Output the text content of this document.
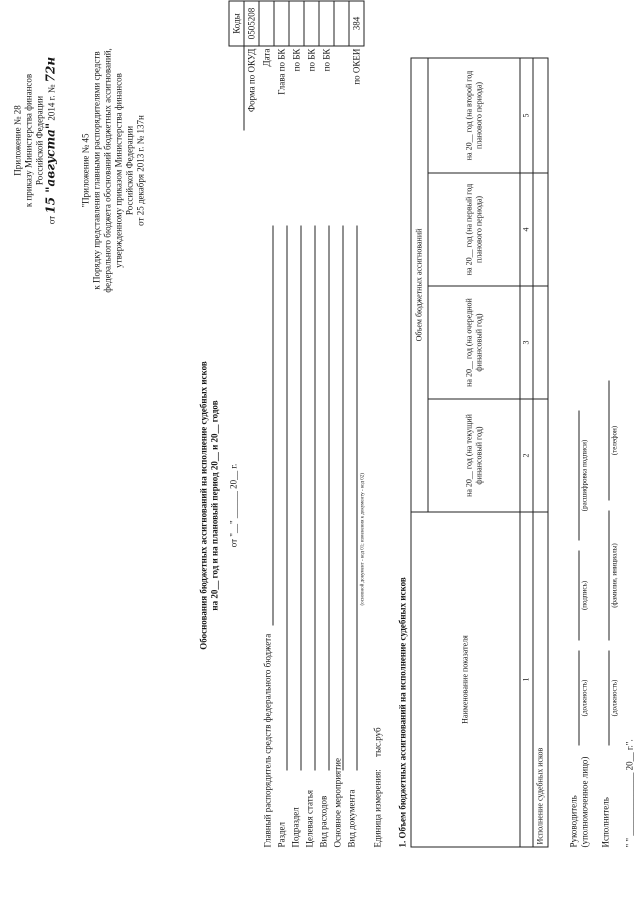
Приложение № 28 к приказу Министерства финансов Российской Федерации
от 15 "августа" 2014 г. № 72н
"Приложение № 45 к Порядку представления главными распорядителями средств федерального бюджета обоснований бюджетных ассигнований, утвержденному приказом Министерства финансов Российской Федерации от 25 декабря 2013 г. № 137н
Обоснования бюджетных ассигнований на исполнение судебных исков на 20__ год и на плановый период 20__ и 20__ годов от "__" ______ 20__ г.
	Коды
Форма по ОКУД	0505208
Дата	
Глава по БК	
по БК	
по БК	
по БК	

по ОКЕИ	384
Главный распорядитель средств федерального бюджета Раздел Подраздел Целевая статья Вид расходов Основное мероприятие Вид документа
(основной документ - код 01; изменения к документу - код 02)
Единица измерения: тыс.руб 1. Объем бюджетных ассигнований на исполнение судебных исков	Наименование показателя	Объем бюджетных ассигнований			
	на 20__ год (на текущий финансовый год)	на 20__ год (на очередной финансовый год)	на 20__ год (на первый год планового периода)	на 20__ год (на второй год планового периода)
1	2	3	4	5
Исполнение судебных исков					Руководитель (уполномоченное лицо)
(должность)
(подпись)
(расшифровка подписи)
Исполнитель
(должность)
(фамилия, инициалы)
(телефон)
" " ______________ 20__ г.".
